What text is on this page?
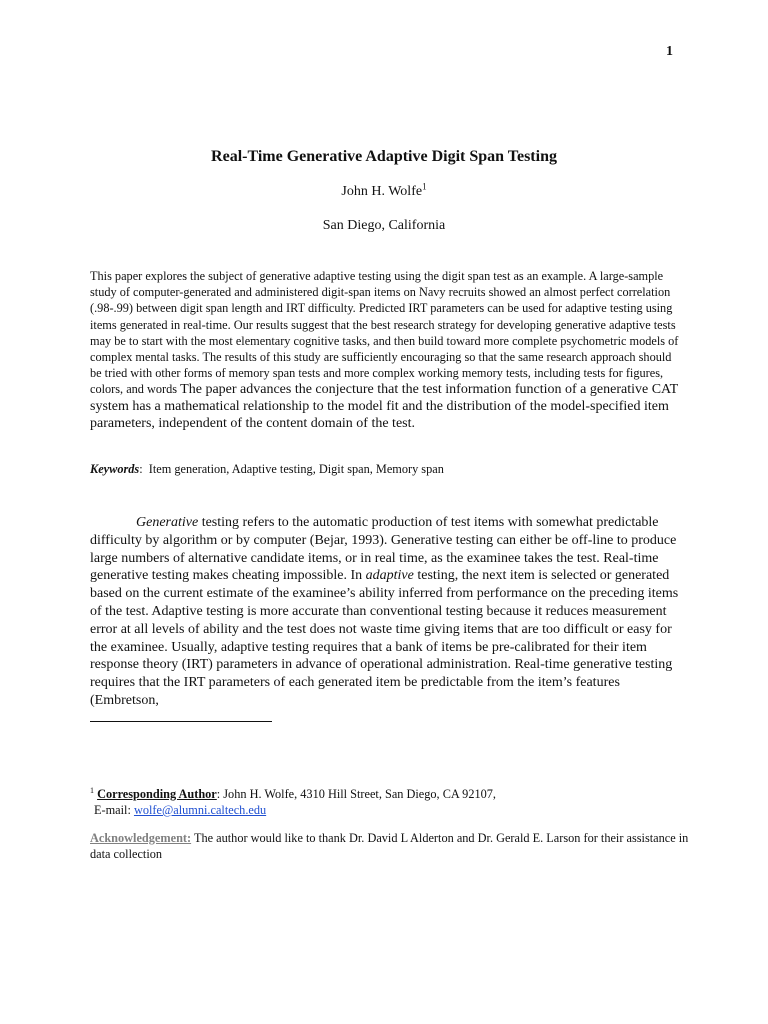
1
Real-Time Generative Adaptive Digit Span Testing
John H. Wolfe$^1$
San Diego, California
This paper explores the subject of generative adaptive testing using the digit span test as an example. A large-sample study of computer-generated and administered digit-span items on Navy recruits showed an almost perfect correlation (.98-.99) between digit span length and IRT difficulty. Predicted IRT parameters can be used for adaptive testing using items generated in real-time. Our results suggest that the best research strategy for developing generative adaptive tests may be to start with the most elementary cognitive tasks, and then build toward more complete psychometric models of complex mental tasks. The results of this study are sufficiently encouraging so that the same research approach should be tried with other forms of memory span tests and more complex working memory tests, including tests for figures, colors, and words The paper advances the conjecture that the test information function of a generative CAT system has a mathematical relationship to the model fit and the distribution of the model-specified item parameters, independent of the content domain of the test.
Keywords: Item generation, Adaptive testing, Digit span, Memory span
Generative testing refers to the automatic production of test items with somewhat predictable difficulty by algorithm or by computer (Bejar, 1993). Generative testing can either be off-line to produce large numbers of alternative candidate items, or in real time, as the examinee takes the test. Real-time generative testing makes cheating impossible. In adaptive testing, the next item is selected or generated based on the current estimate of the examinee’s ability inferred from performance on the preceding items of the test. Adaptive testing is more accurate than conventional testing because it reduces measurement error at all levels of ability and the test does not waste time giving items that are too difficult or easy for the examinee. Usually, adaptive testing requires that a bank of items be pre-calibrated for their item response theory (IRT) parameters in advance of operational administration. Real-time generative testing requires that the IRT parameters of each generated item be predictable from the item’s features (Embretson,
$^1$ Corresponding Author: John H. Wolfe, 4310 Hill Street, San Diego, CA 92107,
E-mail: wolfe@alumni.caltech.edu
Acknowledgement: The author would like to thank Dr. David L Alderton and Dr. Gerald E. Larson for their assistance in data collection
